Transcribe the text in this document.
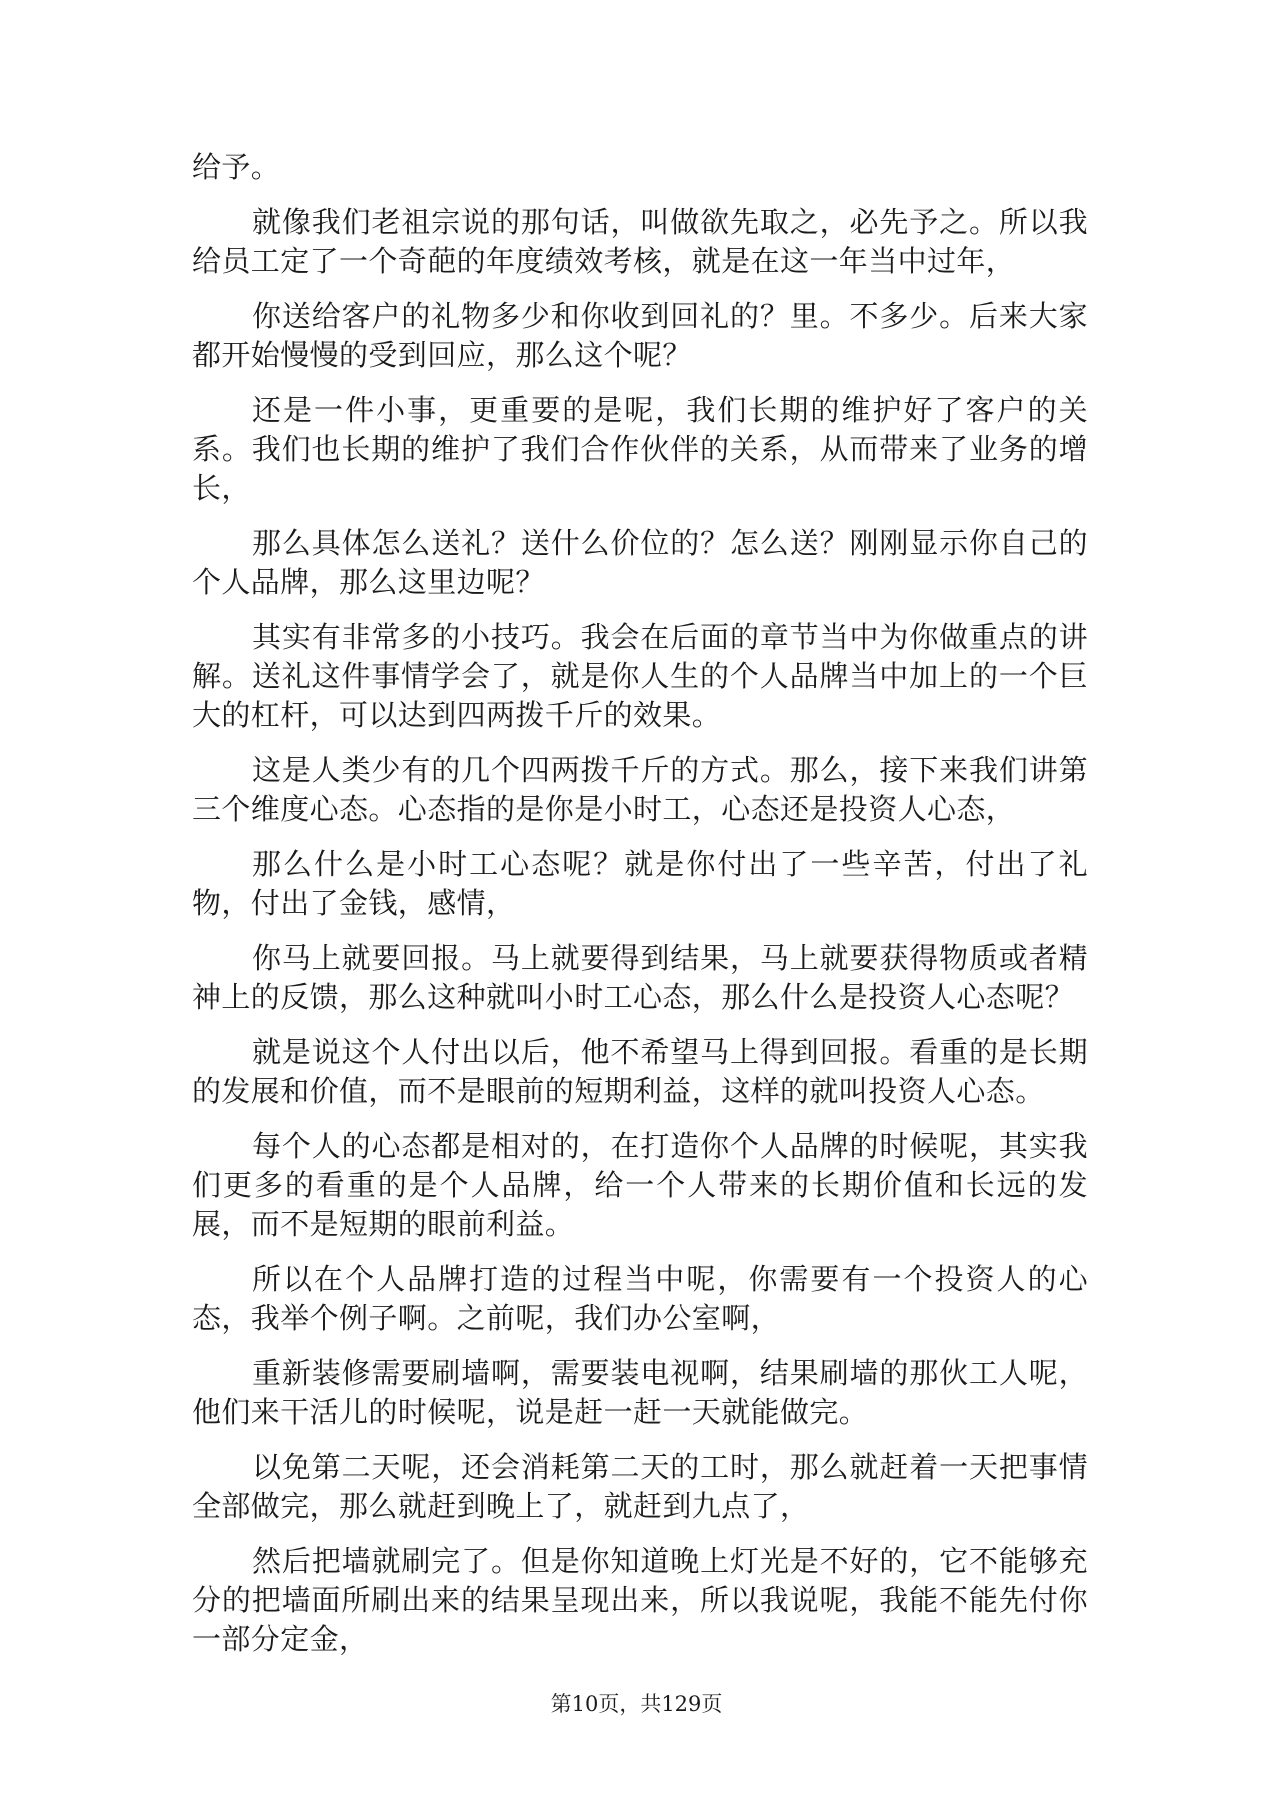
给予。

就像我们老祖宗说的那句话，叫做欲先取之，必先予之。所以我给员工定了一个奇葩的年度绩效考核，就是在这一年当中过年，

你送给客户的礼物多少和你收到回礼的？里。不多少。后来大家都开始慢慢的受到回应，那么这个呢？

还是一件小事，更重要的是呢，我们长期的维护好了客户的关系。我们也长期的维护了我们合作伙伴的关系，从而带来了业务的增长，

那么具体怎么送礼？送什么价位的？怎么送？刚刚显示你自己的个人品牌，那么这里边呢？

其实有非常多的小技巧。我会在后面的章节当中为你做重点的讲解。送礼这件事情学会了，就是你人生的个人品牌当中加上的一个巨大的杠杆，可以达到四两拨千斤的效果。

这是人类少有的几个四两拨千斤的方式。那么，接下来我们讲第三个维度心态。心态指的是你是小时工，心态还是投资人心态，

那么什么是小时工心态呢？就是你付出了一些辛苦，付出了礼物，付出了金钱，感情，

你马上就要回报。马上就要得到结果，马上就要获得物质或者精神上的反馈，那么这种就叫小时工心态，那么什么是投资人心态呢？

就是说这个人付出以后，他不希望马上得到回报。看重的是长期的发展和价值，而不是眼前的短期利益，这样的就叫投资人心态。

每个人的心态都是相对的，在打造你个人品牌的时候呢，其实我们更多的看重的是个人品牌，给一个人带来的长期价值和长远的发展，而不是短期的眼前利益。

所以在个人品牌打造的过程当中呢，你需要有一个投资人的心态，我举个例子啊。之前呢，我们办公室啊，

重新装修需要刷墙啊，需要装电视啊，结果刷墙的那伙工人呢，他们来干活儿的时候呢，说是赶一赶一天就能做完。

以免第二天呢，还会消耗第二天的工时，那么就赶着一天把事情全部做完，那么就赶到晚上了，就赶到九点了，

然后把墙就刷完了。但是你知道晚上灯光是不好的，它不能够充分的把墙面所刷出来的结果呈现出来，所以我说呢，我能不能先付你一部分定金，

第10页，共129页
